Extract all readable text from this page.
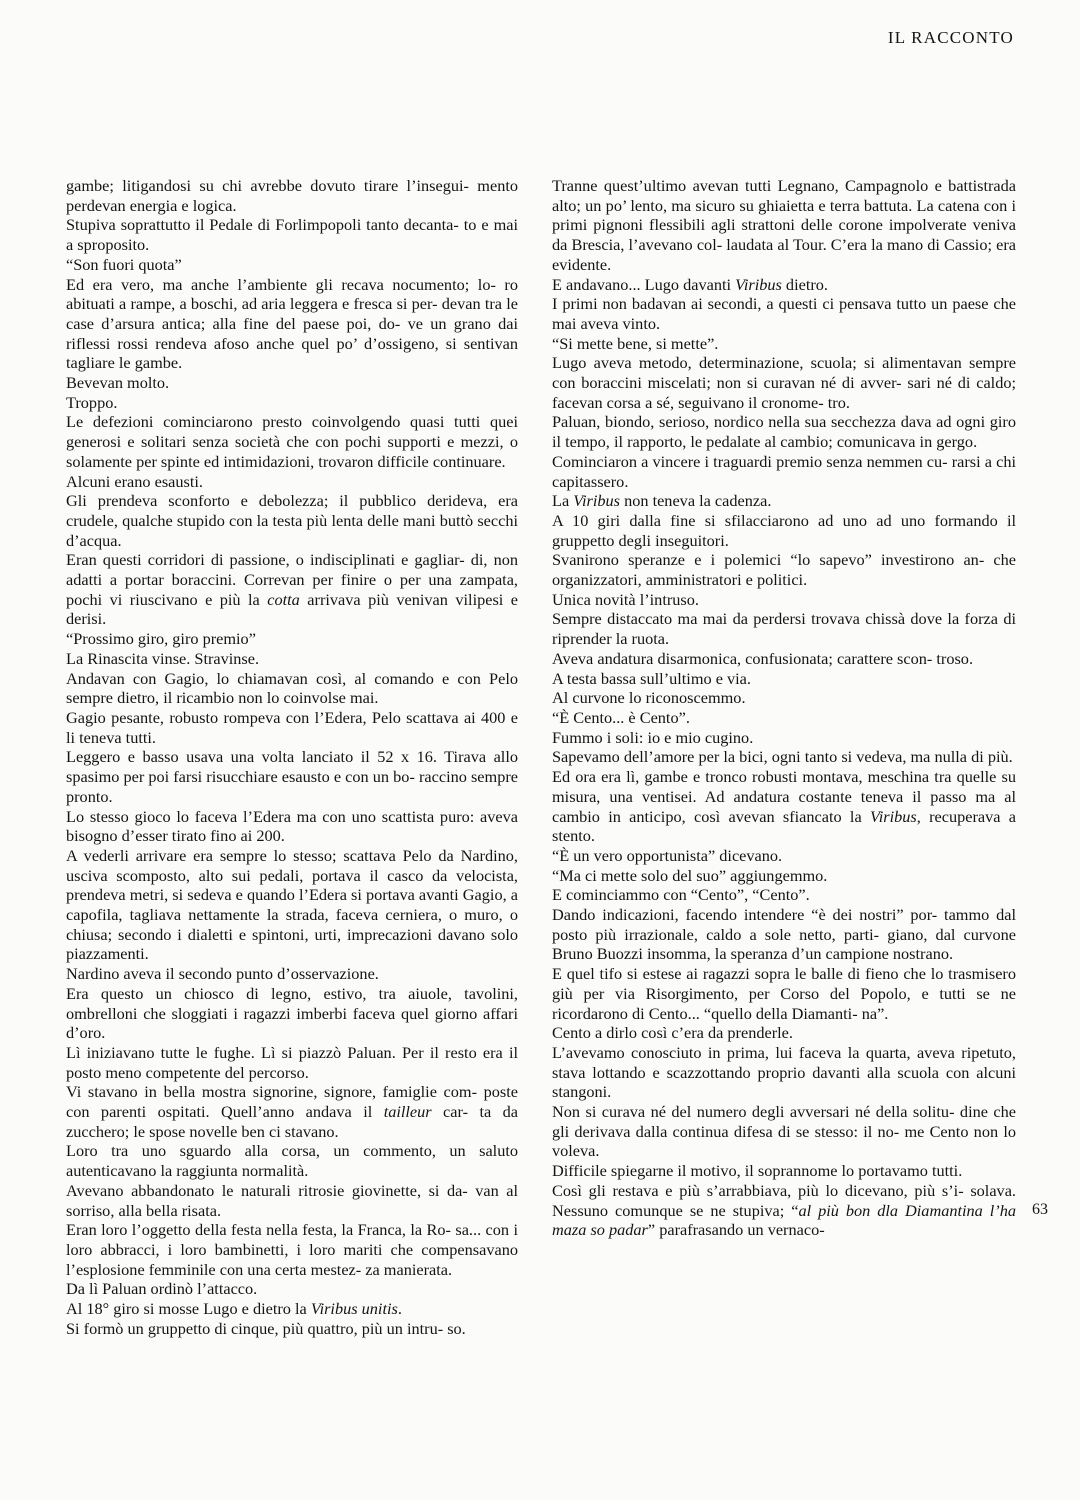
IL RACCONTO

gambe; litigandosi su chi avrebbe dovuto tirare l’insegui- mento perdevan energia e logica.

Stupiva soprattutto il Pedale di Forlimpopoli tanto decanta- to e mai a sproposito.

“Son fuori quota”

Ed era vero, ma anche l’ambiente gli recava nocumento; lo- ro abituati a rampe, a boschi, ad aria leggera e fresca si per- devan tra le case d’arsura antica; alla fine del paese poi, do- ve un grano dai riflessi rossi rendeva afoso anche quel po’ d’ossigeno, si sentivan tagliare le gambe.

Bevevan molto.

Troppo.

Le defezioni cominciarono presto coinvolgendo quasi tutti quei generosi e solitari senza società che con pochi supporti e mezzi, o solamente per spinte ed intimidazioni, trovaron difficile continuare.

Alcuni erano esausti.

Gli prendeva sconforto e debolezza; il pubblico derideva, era crudele, qualche stupido con la testa più lenta delle mani buttò secchi d’acqua.

Eran questi corridori di passione, o indisciplinati e gagliar- di, non adatti a portar boraccini. Correvan per finire o per una zampata, pochi vi riuscivano e più la cotta arrivava più venivan vilipesi e derisi.

“Prossimo giro, giro premio”

La Rinascita vinse. Stravinse.

Andavan con Gagio, lo chiamavan così, al comando e con Pelo sempre dietro, il ricambio non lo coinvolse mai.

Gagio pesante, robusto rompeva con l’Edera, Pelo scattava ai 400 e li teneva tutti.

Leggero e basso usava una volta lanciato il 52 x 16. Tirava allo spasimo per poi farsi risucchiare esausto e con un bo- raccino sempre pronto.

Lo stesso gioco lo faceva l’Edera ma con uno scattista puro: aveva bisogno d’esser tirato fino ai 200.

A vederli arrivare era sempre lo stesso; scattava Pelo da Nardino, usciva scomposto, alto sui pedali, portava il casco da velocista, prendeva metri, si sedeva e quando l’Edera si portava avanti Gagio, a capofila, tagliava nettamente la strada, faceva cerniera, o muro, o chiusa; secondo i dialetti e spintoni, urti, imprecazioni davano solo piazzamenti.

Nardino aveva il secondo punto d’osservazione.

Era questo un chiosco di legno, estivo, tra aiuole, tavolini, ombrelloni che sloggiati i ragazzi imberbi faceva quel giorno affari d’oro.

Lì iniziavano tutte le fughe. Lì si piazzò Paluan. Per il resto era il posto meno competente del percorso.

Vi stavano in bella mostra signorine, signore, famiglie com- poste con parenti ospitati. Quell’anno andava il tailleur car- ta da zucchero; le spose novelle ben ci stavano.

Loro tra uno sguardo alla corsa, un commento, un saluto autenticavano la raggiunta normalità.

Avevano abbandonato le naturali ritrosie giovinette, si da- van al sorriso, alla bella risata.

Eran loro l’oggetto della festa nella festa, la Franca, la Ro- sa... con i loro abbracci, i loro bambinetti, i loro mariti che compensavano l’esplosione femminile con una certa mestez- za manierata.

Da lì Paluan ordinò l’attacco.

Al 18° giro si mosse Lugo e dietro la Viribus unitis.

Si formò un gruppetto di cinque, più quattro, più un intru- so.

Tranne quest’ultimo avevan tutti Legnano, Campagnolo e battistrada alto; un po’ lento, ma sicuro su ghiaietta e terra battuta. La catena con i primi pignoni flessibili agli strattoni delle corone impolverate veniva da Brescia, l’avevano col- laudata al Tour. C’era la mano di Cassio; era evidente.

E andavano... Lugo davanti Viribus dietro.

I primi non badavan ai secondi, a questi ci pensava tutto un paese che mai aveva vinto.

“Si mette bene, si mette”.

Lugo aveva metodo, determinazione, scuola; si alimentavan sempre con boraccini miscelati; non si curavan né di avver- sari né di caldo; facevan corsa a sé, seguivano il cronome- tro.

Paluan, biondo, serioso, nordico nella sua secchezza dava ad ogni giro il tempo, il rapporto, le pedalate al cambio; comunicava in gergo.

Cominciaron a vincere i traguardi premio senza nemmen cu- rarsi a chi capitassero.

La Viribus non teneva la cadenza.

A 10 giri dalla fine si sfilacciarono ad uno ad uno formando il gruppetto degli inseguitori.

Svanirono speranze e i polemici “lo sapevo” investirono an- che organizzatori, amministratori e politici.

Unica novità l’intruso.

Sempre distaccato ma mai da perdersi trovava chissà dove la forza di riprender la ruota.

Aveva andatura disarmonica, confusionata; carattere scon- troso.

A testa bassa sull’ultimo e via.

Al curvone lo riconoscemmo.

“È Cento... è Cento”.

Fummo i soli: io e mio cugino.

Sapevamo dell’amore per la bici, ogni tanto si vedeva, ma nulla di più.

Ed ora era lì, gambe e tronco robusti montava, meschina tra quelle su misura, una ventisei. Ad andatura costante teneva il passo ma al cambio in anticipo, così avevan sfiancato la Viribus, recuperava a stento.

“È un vero opportunista” dicevano.

“Ma ci mette solo del suo” aggiungemmo.

E cominciammo con “Cento”, “Cento”.

Dando indicazioni, facendo intendere “è dei nostri” por- tammo dal posto più irrazionale, caldo a sole netto, parti- giano, dal curvone Bruno Buozzi insomma, la speranza d’un campione nostrano.

E quel tifo si estese ai ragazzi sopra le balle di fieno che lo trasmisero giù per via Risorgimento, per Corso del Popolo, e tutti se ne ricordarono di Cento... “quello della Diamanti- na”.

Cento a dirlo così c’era da prenderle.

L’avevamo conosciuto in prima, lui faceva la quarta, aveva ripetuto, stava lottando e scazzottando proprio davanti alla scuola con alcuni stangoni.

Non si curava né del numero degli avversari né della solitu- dine che gli derivava dalla continua difesa di se stesso: il no- me Cento non lo voleva.

Difficile spiegarne il motivo, il soprannome lo portavamo tutti.

Così gli restava e più s’arrabbiava, più lo dicevano, più s’i- solava. Nessuno comunque se ne stupiva; “al più bon dla Diamantina l’ha maza so padar” parafrasando un vernaco-

63
